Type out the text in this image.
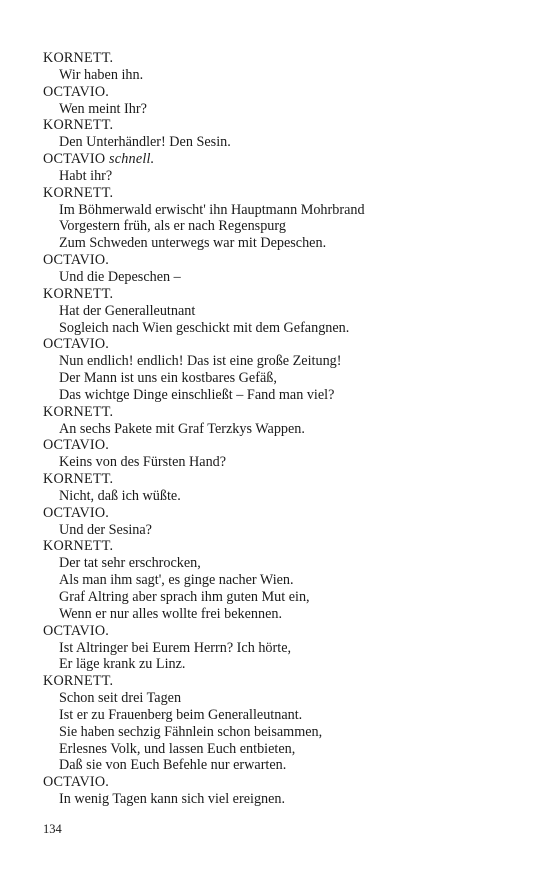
KORNETT.
Wir haben ihn.
OCTAVIO.
Wen meint Ihr?
KORNETT.
Den Unterhändler! Den Sesin.
OCTAVIO schnell.
Habt ihr?
KORNETT.
Im Böhmerwald erwischt' ihn Hauptmann Mohrbrand
Vorgestern früh, als er nach Regenspurg
Zum Schweden unterwegs war mit Depeschen.
OCTAVIO.
Und die Depeschen –
KORNETT.
Hat der Generalleutnant
Sogleich nach Wien geschickt mit dem Gefangnen.
OCTAVIO.
Nun endlich! endlich! Das ist eine große Zeitung!
Der Mann ist uns ein kostbares Gefäß,
Das wichtge Dinge einschließt – Fand man viel?
KORNETT.
An sechs Pakete mit Graf Terzkys Wappen.
OCTAVIO.
Keins von des Fürsten Hand?
KORNETT.
Nicht, daß ich wüßte.
OCTAVIO.
Und der Sesina?
KORNETT.
Der tat sehr erschrocken,
Als man ihm sagt', es ginge nacher Wien.
Graf Altring aber sprach ihm guten Mut ein,
Wenn er nur alles wollte frei bekennen.
OCTAVIO.
Ist Altringer bei Eurem Herrn? Ich hörte,
Er läge krank zu Linz.
KORNETT.
Schon seit drei Tagen
Ist er zu Frauenberg beim Generalleutnant.
Sie haben sechzig Fähnlein schon beisammen,
Erlesnes Volk, und lassen Euch entbieten,
Daß sie von Euch Befehle nur erwarten.
OCTAVIO.
In wenig Tagen kann sich viel ereignen.
134
